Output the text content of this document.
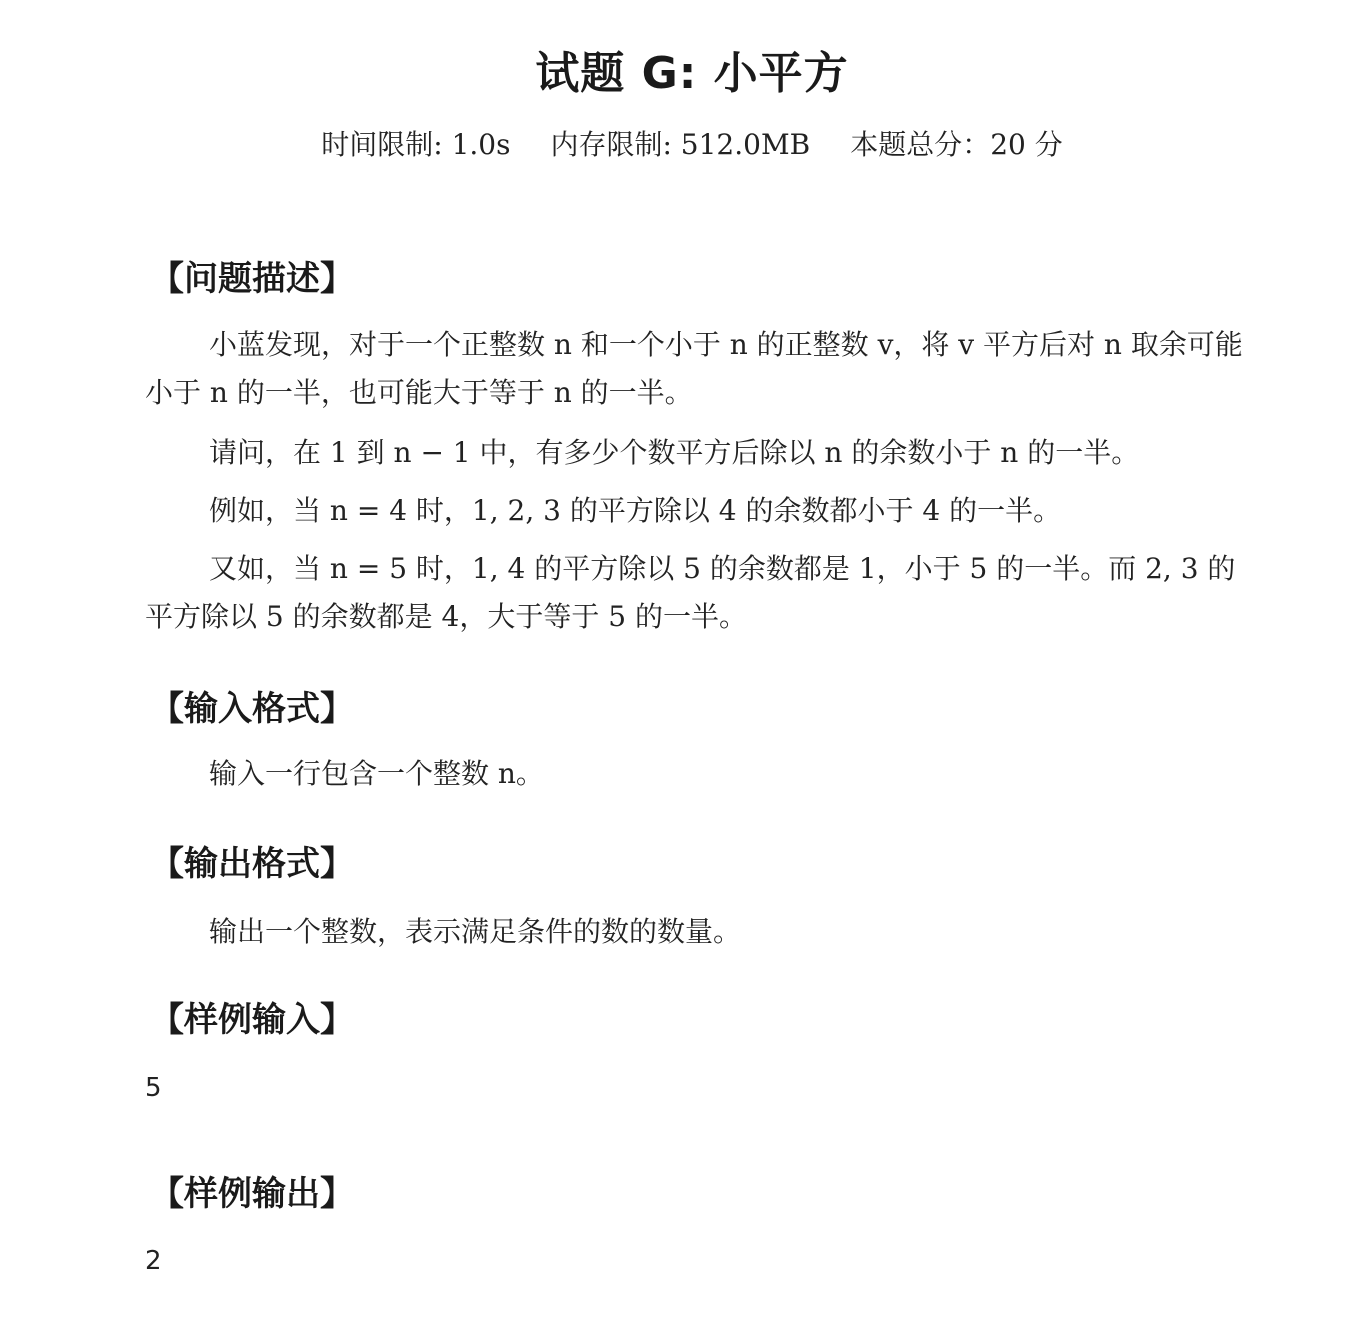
试题 G: 小平方
时间限制: 1.0s 内存限制: 512.0MB 本题总分：20 分
【问题描述】
小蓝发现，对于一个正整数 n 和一个小于 n 的正整数 v，将 v 平方后对 n 取余可能小于 n 的一半，也可能大于等于 n 的一半。
请问，在 1 到 n − 1 中，有多少个数平方后除以 n 的余数小于 n 的一半。
例如，当 n = 4 时，1, 2, 3 的平方除以 4 的余数都小于 4 的一半。
又如，当 n = 5 时，1, 4 的平方除以 5 的余数都是 1，小于 5 的一半。而 2, 3 的平方除以 5 的余数都是 4，大于等于 5 的一半。
【输入格式】
输入一行包含一个整数 n。
【输出格式】
输出一个整数，表示满足条件的数的数量。
【样例输入】
5
【样例输出】
2
